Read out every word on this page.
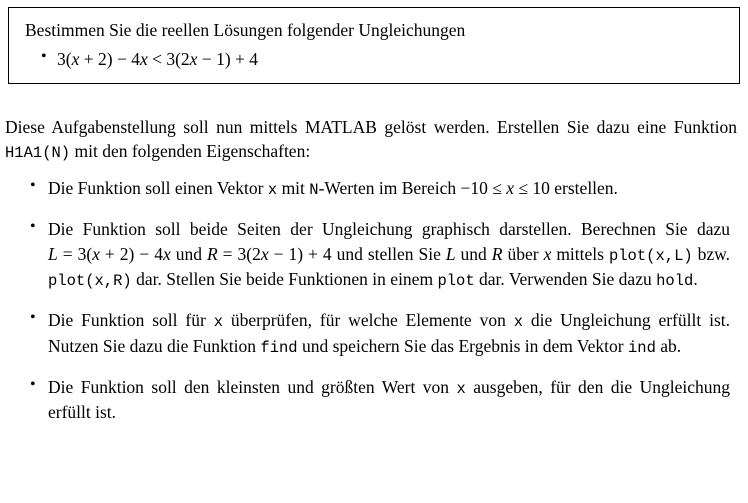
Bestimmen Sie die reellen Lösungen folgender Ungleichungen
• 3(x + 2) − 4x < 3(2x − 1) + 4
Diese Aufgabenstellung soll nun mittels MATLAB gelöst werden. Erstellen Sie dazu eine Funktion H1A1(N) mit den folgenden Eigenschaften:
• Die Funktion soll einen Vektor x mit N-Werten im Bereich −10 ≤ x ≤ 10 erstellen.
• Die Funktion soll beide Seiten der Ungleichung graphisch darstellen. Berechnen Sie dazu L = 3(x + 2) − 4x und R = 3(2x − 1) + 4 und stellen Sie L und R über x mittels plot(x,L) bzw. plot(x,R) dar. Stellen Sie beide Funktionen in einem plot dar. Verwenden Sie dazu hold.
• Die Funktion soll für x überprüfen, für welche Elemente von x die Ungleichung erfüllt ist. Nutzen Sie dazu die Funktion find und speichern Sie das Ergebnis in dem Vektor ind ab.
• Die Funktion soll den kleinsten und größten Wert von x ausgeben, für den die Ungleichung erfüllt ist.
